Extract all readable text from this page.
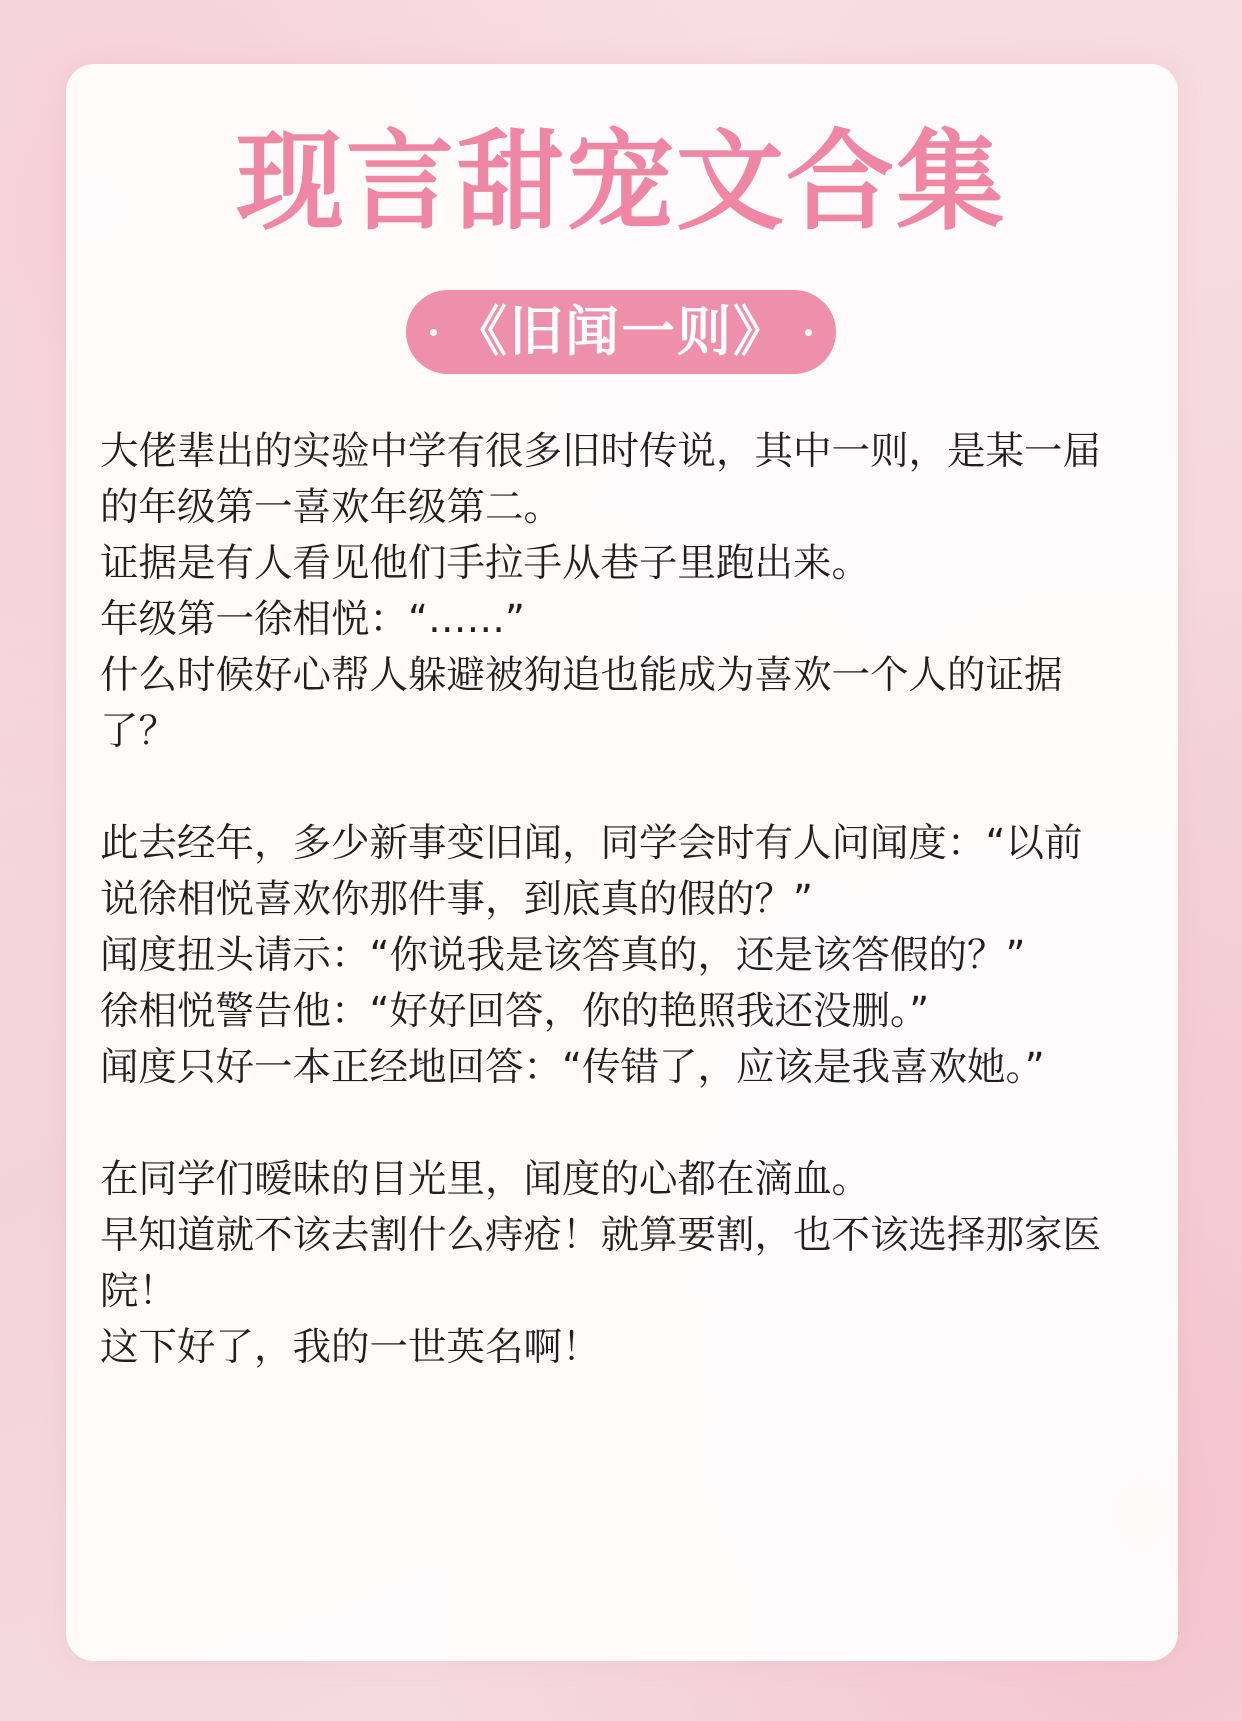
现言甜宠文合集
《旧闻一则》
大佬辈出的实验中学有很多旧时传说，其中一则，是某一届
的年级第一喜欢年级第二。
证据是有人看见他们手拉手从巷子里跑出来。
年级第一徐相悦：“……”
什么时候好心帮人躲避被狗追也能成为喜欢一个人的证据
了？
此去经年，多少新事变旧闻，同学会时有人问闻度：“以前
说徐相悦喜欢你那件事，到底真的假的？”
闻度扭头请示：“你说我是该答真的，还是该答假的？”
徐相悦警告他：“好好回答，你的艳照我还没删。”
闻度只好一本正经地回答：“传错了，应该是我喜欢她。”
在同学们暧昧的目光里，闻度的心都在滴血。
早知道就不该去割什么痔疮！就算要割，也不该选择那家医
院！
这下好了，我的一世英名啊！
